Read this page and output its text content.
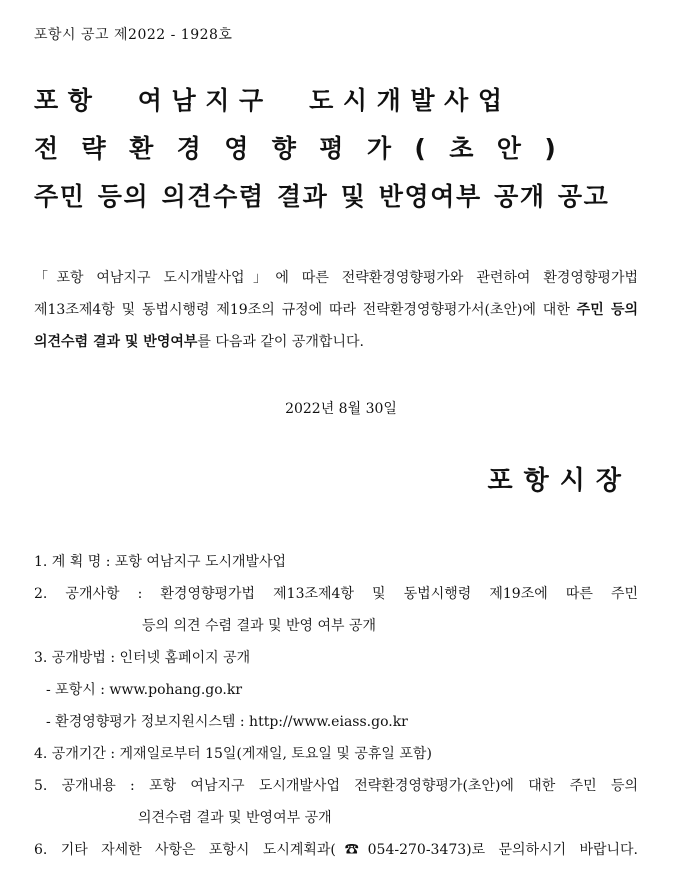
포항시 공고 제2022 - 1928호
포항 여남지구 도시개발사업
전략환경영향평가(초안)
주민 등의 의견수렴 결과 및 반영여부 공개 공고
「포항 여남지구 도시개발사업」에 따른 전략환경영향평가와 관련하여 환경영향평가법 제13조제4항 및 동법시행령 제19조의 규정에 따라 전략환경영향평가서(초안)에 대한 주민 등의 의견수렴 결과 및 반영여부를 다음과 같이 공개합니다.
2022년 8월 30일
포항시장
1. 계 획 명 : 포항 여남지구 도시개발사업
2. 공개사항 : 환경영향평가법 제13조제4항 및 동법시행령 제19조에 따른 주민
등의 의견 수렴 결과 및 반영 여부 공개
3. 공개방법 : 인터넷 홈페이지 공개
- 포항시 : www.pohang.go.kr
- 환경영향평가 정보지원시스템 : http://www.eiass.go.kr
4. 공개기간 : 게재일로부터 15일(게재일, 토요일 및 공휴일 포함)
5. 공개내용 : 포항 여남지구 도시개발사업 전략환경영향평가(초안)에 대한 주민 등의
의견수렴 결과 및 반영여부 공개
6. 기타 자세한 사항은 포항시 도시계획과(☎054-270-3473)로 문의하시기 바랍니다.
